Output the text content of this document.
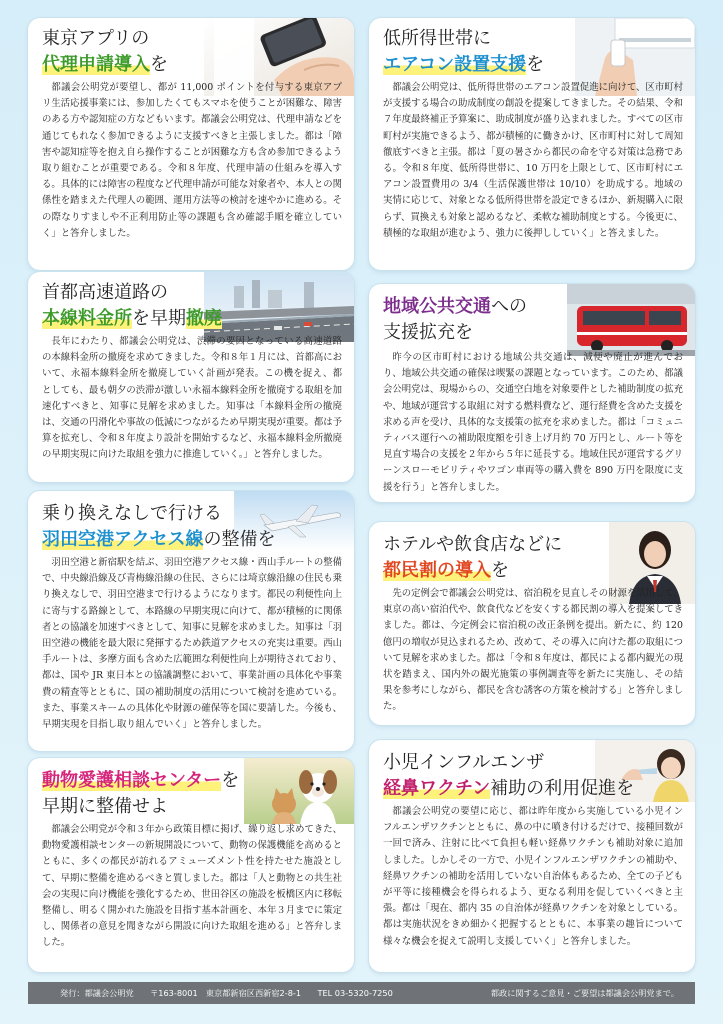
東京アプリの
代理申請導入を

都議会公明党が要望し、都が 11,000 ポイントを付与する東京アプリ生活応援事業には、参加したくてもスマホを使うことが困難な、障害のある方や認知症の方などもいます。都議会公明党は、代理申請などを通じてもれなく参加できるように支援すべきと主張しました。都は「障害や認知症等を抱え自ら操作することが困難な方も含め参加できるよう取り組むことが重要である。令和８年度、代理申請の仕組みを導入する。具体的には障害の程度など代理申請が可能な対象者や、本人との関係性を踏まえた代理人の範囲、運用方法等の検討を速やかに進める。その際なりすましや不正利用防止等の課題も含め確認手順を確立していく」と答弁しました。

低所得世帯に
エアコン設置支援を

都議会公明党は、低所得世帯のエアコン設置促進に向けて、区市町村が支援する場合の助成制度の創設を提案してきました。その結果、令和７年度最終補正予算案に、助成制度が盛り込まれました。すべての区市町村が実施できるよう、都が積極的に働きかけ、区市町村に対して周知徹底すべきと主張。都は「夏の暑さから都民の命を守る対策は急務である。令和８年度、低所得世帯に、10 万円を上限として、区市町村にエアコン設置費用の 3/4（生活保護世帯は 10/10）を助成する。地域の実情に応じて、対象となる低所得世帯を設定できるほか、新規購入に限らず、買換えも対象と認めるなど、柔軟な補助制度とする。今後更に、積極的な取組が進むよう、強力に後押ししていく」と答えました。

首都高速道路の
本線料金所を早期撤廃

長年にわたり、都議会公明党は、渋滞の要因となっている高速道路の本線料金所の撤廃を求めてきました。令和８年１月には、首都高において、永福本線料金所を撤廃していく計画が発表。この機を捉え、都としても、最も朝夕の渋滞が激しい永福本線料金所を撤廃する取組を加速化すべきと、知事に見解を求めました。知事は「本線料金所の撤廃は、交通の円滑化や事故の低減につながるため早期実現が重要。都は予算を拡充し、令和８年度より設計を開始するなど、永福本線料金所撤廃の早期実現に向けた取組を強力に推進していく。」と答弁しました。

地域公共交通への
支援拡充を

昨今の区市町村における地域公共交通は、減便や廃止が進んでおり、地域公共交通の確保は喫緊の課題となっています。このため、都議会公明党は、現場からの、交通空白地を対象要件とした補助制度の拡充や、地域が運営する取組に対する燃料費など、運行経費を含めた支援を求める声を受け、具体的な支援策の拡充を求めました。都は「コミュニティバス運行への補助限度額を引き上げ月約 70 万円とし、ルート等を見直す場合の支援を２年から５年に延長する。地域住民が運営するグリーンスローモビリティやワゴン車両等の購入費を 890 万円を限度に支援を行う」と答弁しました。

乗り換えなしで行ける
羽田空港アクセス線の整備を

羽田空港と新宿駅を結ぶ、羽田空港アクセス線・西山手ルートの整備で、中央線沿線及び青梅線沿線の住民、さらには埼京線沿線の住民も乗り換えなしで、羽田空港まで行けるようになります。都民の利便性向上に寄与する路線として、本路線の早期実現に向けて、都が積極的に関係者との協議を加速すべきとして、知事に見解を求めました。知事は「羽田空港の機能を最大限に発揮するため鉄道アクセスの充実は重要。西山手ルートは、多摩方面も含めた広範囲な利便性向上が期待されており、都は、国や JR 東日本との協議調整において、事業計画の具体化や事業費の精査等とともに、国の補助制度の活用について検討を進めている。また、事業スキームの具体化や財源の確保等を国に要請した。今後も、早期実現を目指し取り組んでいく」と答弁しました。

ホテルや飲食店などに
都民割の導入を

先の定例会で都議会公明党は、宿泊税を見直しその財源を活用して、東京の高い宿泊代や、飲食代などを安くする都民割の導入を提案してきました。都は、今定例会に宿泊税の改正条例を提出。新たに、約 120 億円の増収が見込まれるため、改めて、その導入に向けた都の取組について見解を求めました。都は「令和８年度は、都民による都内観光の現状を踏まえ、国内外の観光施策の事例調査等を新たに実施し、その結果を参考にしながら、都民を含む誘客の方策を検討する」と答弁しました。

動物愛護相談センターを
早期に整備せよ

都議会公明党が令和３年から政策目標に掲げ、繰り返し求めてきた、動物愛護相談センターの新規開設について、動物の保護機能を高めるとともに、多くの都民が訪れるアミューズメント性を持たせた施設として、早期に整備を進めるべきと質しました。都は「人と動物との共生社会の実現に向け機能を強化するため、世田谷区の施設を板橋区内に移転整備し、明るく開かれた施設を目指す基本計画を、本年３月までに策定し、関係者の意見を聞きながら開設に向けた取組を進める」と答弁しました。

小児インフルエンザ
経鼻ワクチン補助の利用促進を

都議会公明党の要望に応じ、都は昨年度から実施している小児インフルエンザワクチンとともに、鼻の中に噴き付けるだけで、接種回数が一回で済み、注射に比べて負担も軽い経鼻ワクチンも補助対象に追加しました。しかしその一方で、小児インフルエンザワクチンの補助や、経鼻ワクチンの補助を活用していない自治体もあるため、全ての子どもが平等に接種機会を得られるよう、更なる利用を促していくべきと主張。都は「現在、都内 35 の自治体が経鼻ワクチンを対象としている。都は実施状況をきめ細かく把握するとともに、本事業の趣旨について様々な機会を捉えて説明し支援していく」と答弁しました。

発行：都議会公明党　　〒163-8001　東京都新宿区西新宿2-8-1　　TEL 03-5320-7250	都政に関するご意見・ご要望は都議会公明党まで。
